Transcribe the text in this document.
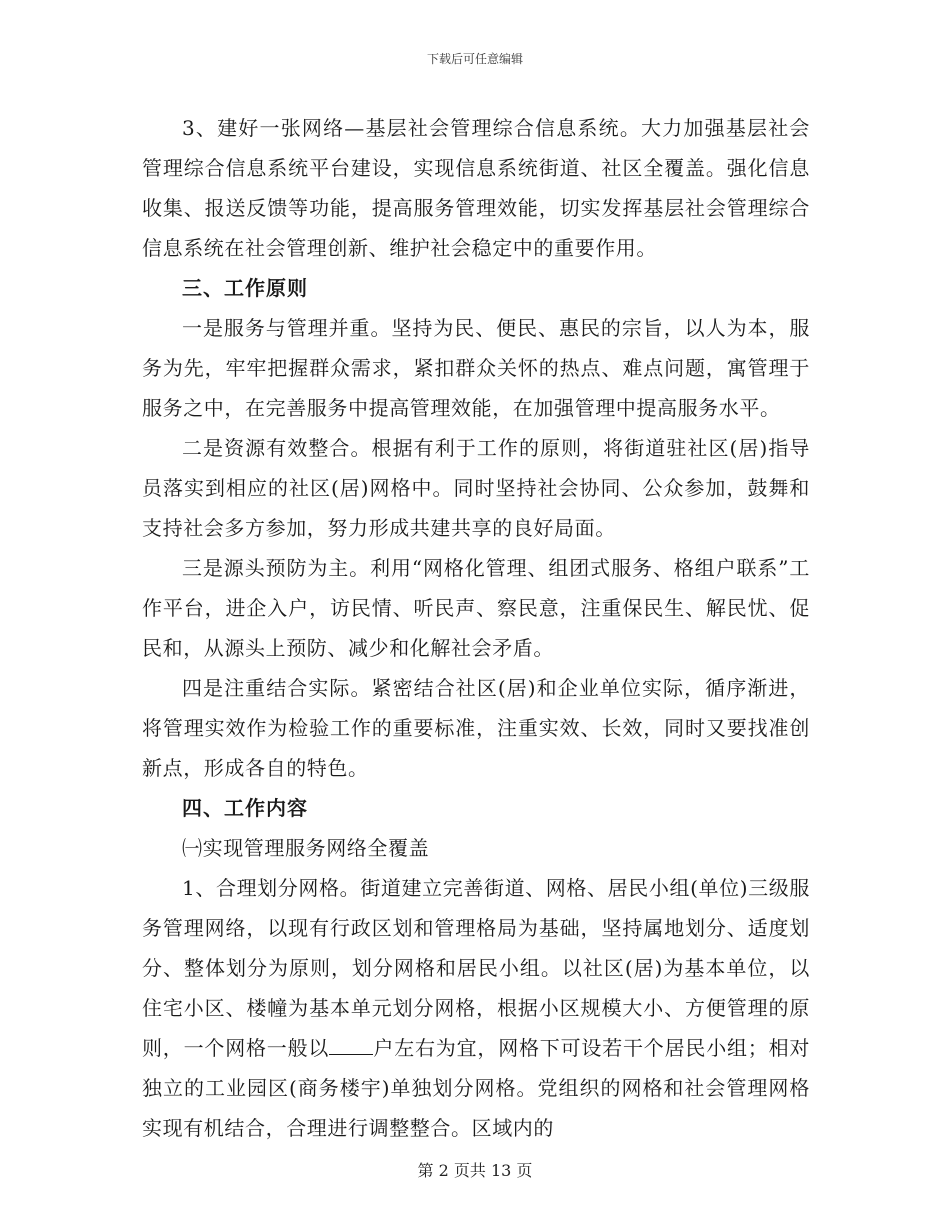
下载后可任意编辑

3、建好一张网络—基层社会管理综合信息系统。大力加强基层社会管理综合信息系统平台建设，实现信息系统街道、社区全覆盖。强化信息收集、报送反馈等功能，提高服务管理效能，切实发挥基层社会管理综合信息系统在社会管理创新、维护社会稳定中的重要作用。

三、工作原则

一是服务与管理并重。坚持为民、便民、惠民的宗旨，以人为本，服务为先，牢牢把握群众需求，紧扣群众关怀的热点、难点问题，寓管理于服务之中，在完善服务中提高管理效能，在加强管理中提高服务水平。

二是资源有效整合。根据有利于工作的原则，将街道驻社区(居)指导员落实到相应的社区(居)网格中。同时坚持社会协同、公众参加，鼓舞和支持社会多方参加，努力形成共建共享的良好局面。

三是源头预防为主。利用“网格化管理、组团式服务、格组户联系”工作平台，进企入户，访民情、听民声、察民意，注重保民生、解民忧、促民和，从源头上预防、减少和化解社会矛盾。

四是注重结合实际。紧密结合社区(居)和企业单位实际，循序渐进，将管理实效作为检验工作的重要标准，注重实效、长效，同时又要找准创新点，形成各自的特色。

四、工作内容

㈠实现管理服务网络全覆盖

1、合理划分网格。街道建立完善街道、网格、居民小组(单位)三级服务管理网络，以现有行政区划和管理格局为基础，坚持属地划分、适度划分、整体划分为原则，划分网格和居民小组。以社区(居)为基本单位，以住宅小区、楼幢为基本单元划分网格，根据小区规模大小、方便管理的原则，一个网格一般以 户左右为宜，网格下可设若干个居民小组；相对独立的工业园区(商务楼宇)单独划分网格。党组织的网格和社会管理网格实现有机结合，合理进行调整整合。区域内的

第 2 页共 13 页
